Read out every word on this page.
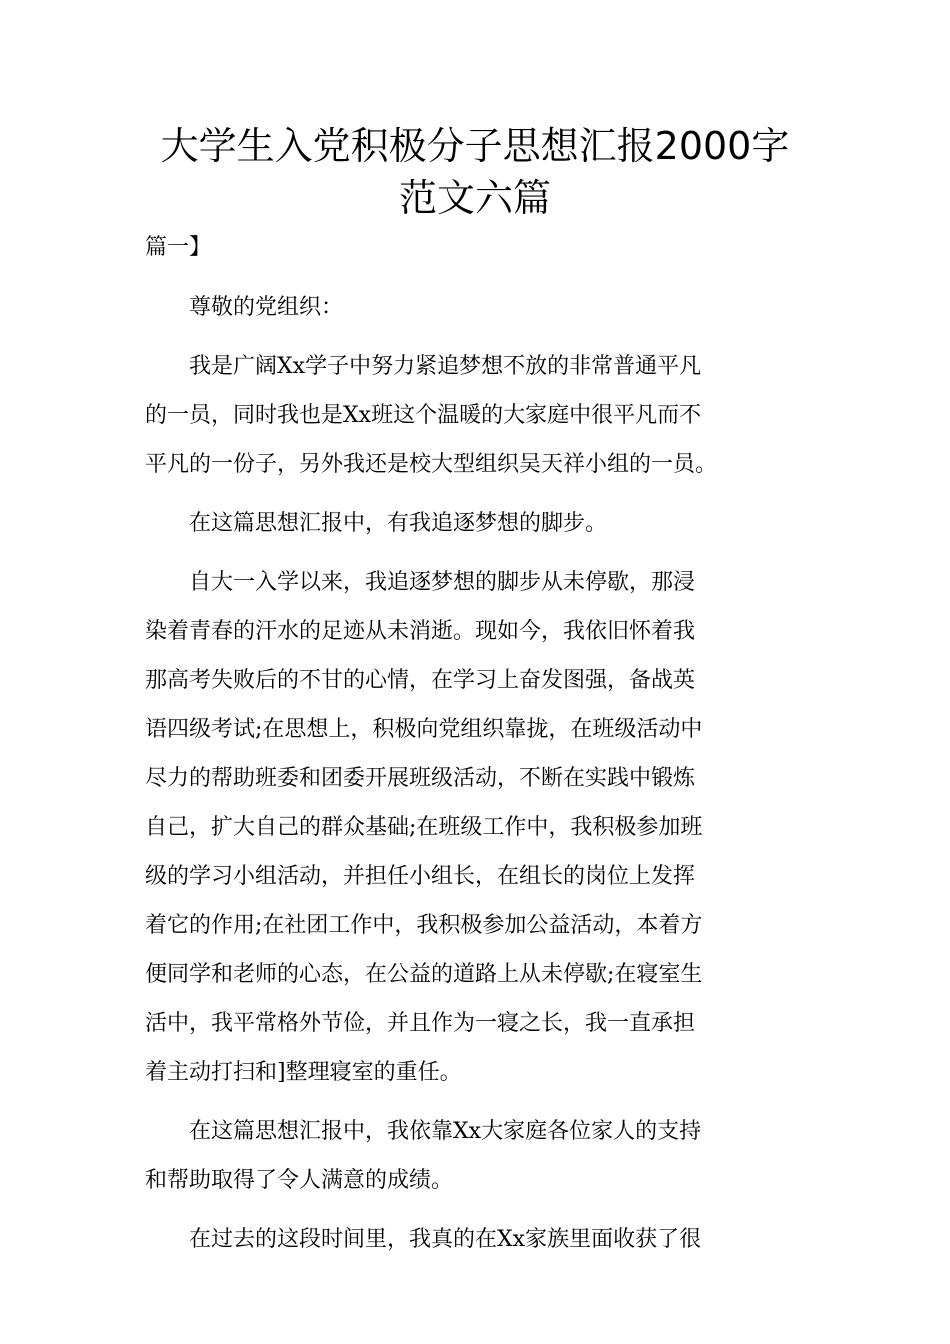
大学生入党积极分子思想汇报2000字
范文六篇
篇一】

尊敬的党组织：

我是广阔Xx学子中努力紧追梦想不放的非常普通平凡
的一员，同时我也是Xx班这个温暖的大家庭中很平凡而不
平凡的一份子，另外我还是校大型组织吴天祥小组的一员。

在这篇思想汇报中，有我追逐梦想的脚步。

自大一入学以来，我追逐梦想的脚步从未停歇，那浸
染着青春的汗水的足迹从未消逝。现如今，我依旧怀着我
那高考失败后的不甘的心情，在学习上奋发图强，备战英
语四级考试;在思想上，积极向党组织靠拢，在班级活动中
尽力的帮助班委和团委开展班级活动，不断在实践中锻炼
自己，扩大自己的群众基础;在班级工作中，我积极参加班
级的学习小组活动，并担任小组长，在组长的岗位上发挥
着它的作用;在社团工作中，我积极参加公益活动，本着方
便同学和老师的心态，在公益的道路上从未停歇;在寝室生
活中，我平常格外节俭，并且作为一寝之长，我一直承担
着主动打扫和]整理寝室的重任。

在这篇思想汇报中，我依靠Xx大家庭各位家人的支持
和帮助取得了令人满意的成绩。

在过去的这段时间里，我真的在Xx家族里面收获了很
